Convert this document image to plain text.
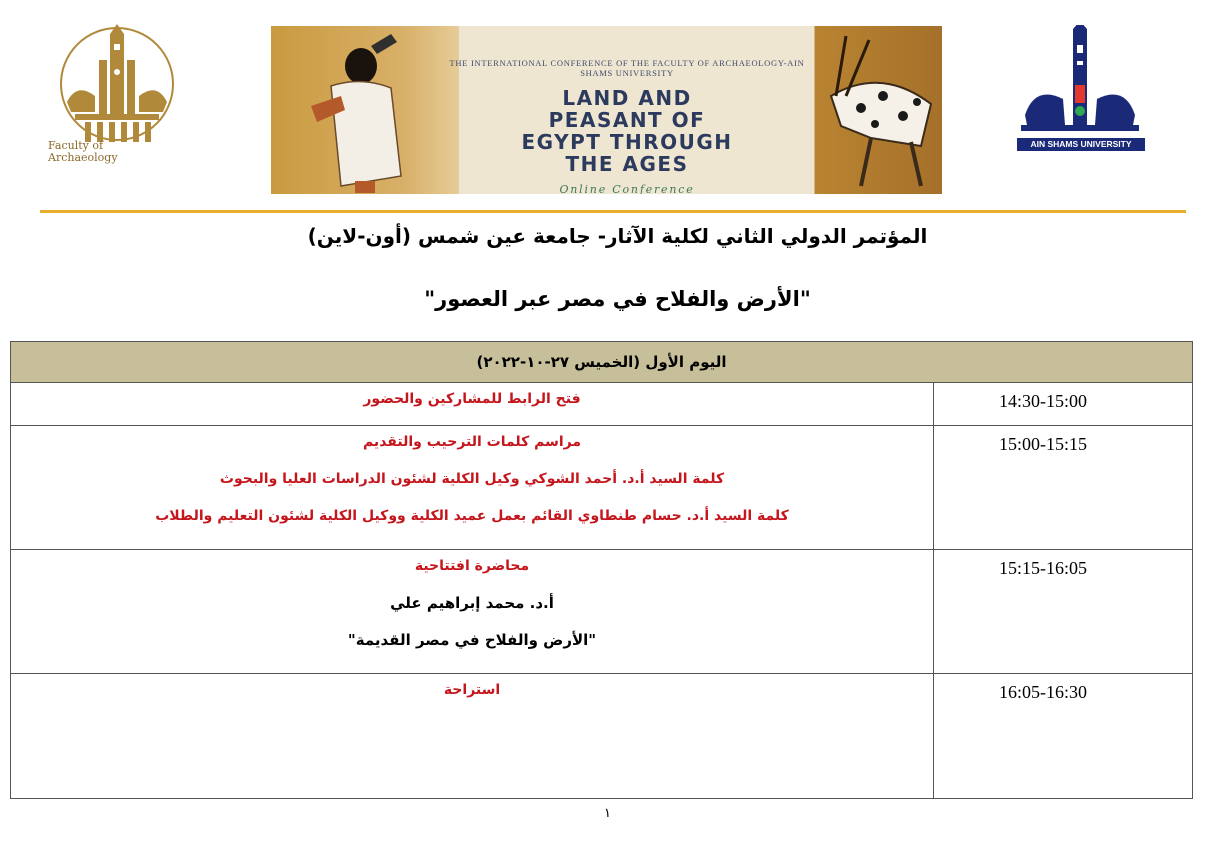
Faculty of Archaeology
THE INTERNATIONAL CONFERENCE OF THE FACULTY OF ARCHAEOLOGY-AIN SHAMS UNIVERSITY
LAND AND
PEASANT OF
EGYPT THROUGH
THE AGES
Online Conference
AIN SHAMS UNIVERSITY
المؤتمر الدولي الثاني لكلية الآثار- جامعة عين شمس (أون-لاين)
"الأرض والفلاح في مصر عبر العصور"
اليوم الأول (الخميس ٢٧-١٠-٢٠٢٢)
فتح الرابط للمشاركين والحضور	14:30-15:00
مراسم كلمات الترحيب والتقديم
كلمة السيد أ.د. أحمد الشوكي وكيل الكلية لشئون الدراسات العليا والبحوث
كلمة السيد أ.د. حسام طنطاوي القائم بعمل عميد الكلية ووكيل الكلية لشئون التعليم والطلاب
15:00-15:15
محاضرة افتتاحية
أ.د. محمد إبراهيم علي
"الأرض والفلاح في مصر القديمة"
15:15-16:05
استراحة	16:05-16:30
١
